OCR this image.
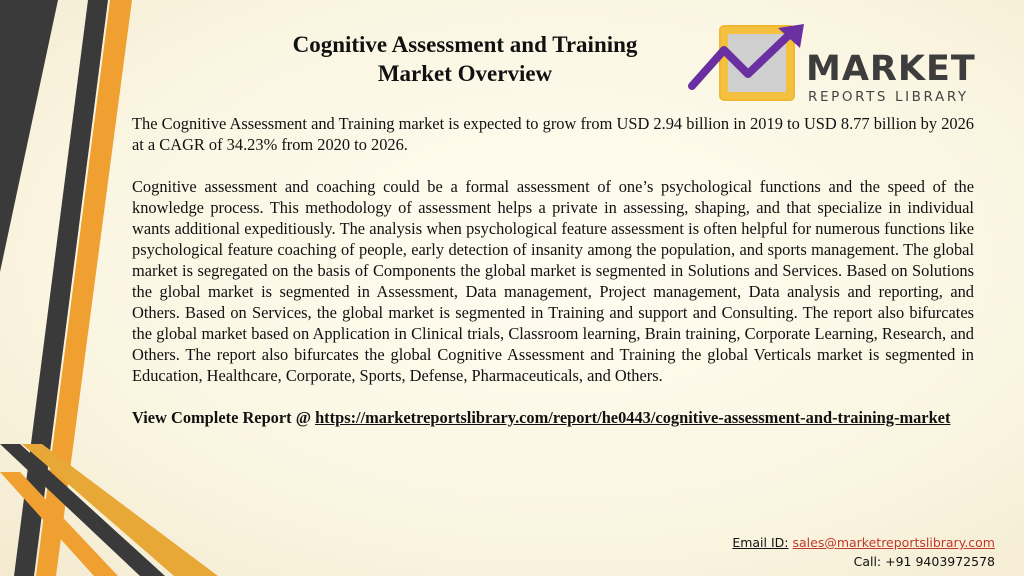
Cognitive Assessment and Training
Market Overview	MARKET
REPORTS LIBRARY

The Cognitive Assessment and Training market is expected to grow from USD 2.94 billion in 2019 to USD 8.77 billion by 2026 at a CAGR of 34.23% from 2020 to 2026.

Cognitive assessment and coaching could be a formal assessment of one’s psychological functions and the speed of the knowledge process. This methodology of assessment helps a private in assessing, shaping, and that specialize in individual wants additional expeditiously. The analysis when psychological feature assessment is often helpful for numerous functions like psychological feature coaching of people, early detection of insanity among the population, and sports management. The global market is segregated on the basis of Components the global market is segmented in Solutions and Services. Based on Solutions the global market is segmented in Assessment, Data management, Project management, Data analysis and reporting, and Others. Based on Services, the global market is segmented in Training and support and Consulting. The report also bifurcates the global market based on Application in Clinical trials, Classroom learning, Brain training, Corporate Learning, Research, and Others. The report also bifurcates the global Cognitive Assessment and Training the global Verticals market is segmented in Education, Healthcare, Corporate, Sports, Defense, Pharmaceuticals, and Others.

View Complete Report @ https://marketreportslibrary.com/report/he0443/cognitive-assessment-and-training-market

Email ID: sales@marketreportslibrary.com
Call: +91 9403972578
